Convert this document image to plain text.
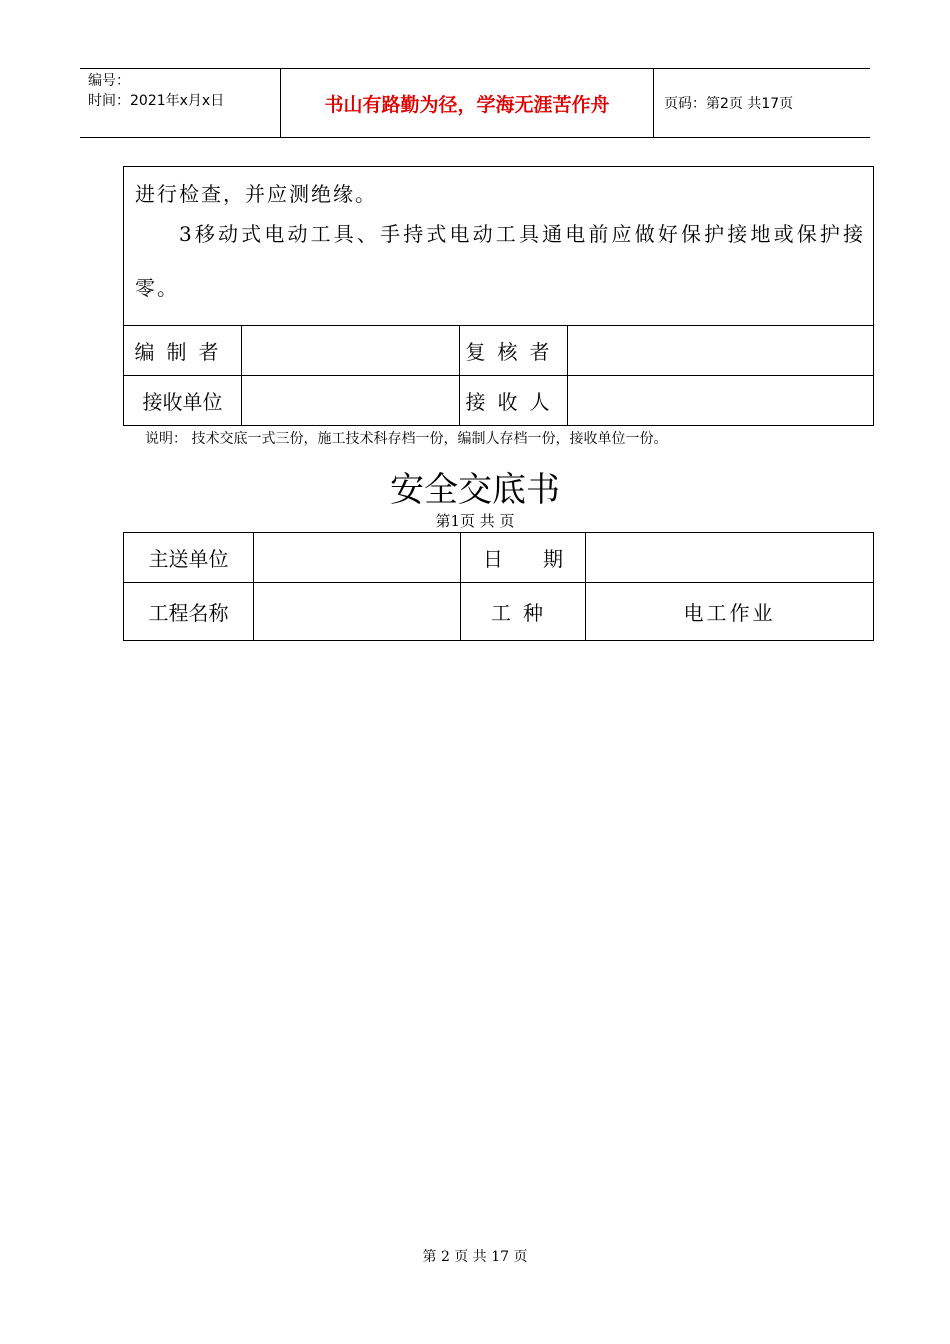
编号：
时间：2021年x月x日	书山有路勤为径，学海无涯苦作舟	页码：第2页 共17页
进行检查，并应测绝缘。
3移动式电动工具、手持式电动工具通电前应做好保护接地或保护接零。			

编制者		复核者	
接收单位		接收人	
说明： 技术交底一式三份，施工技术科存档一份，编制人存档一份，接收单位一份。
安全交底书
第1页 共 页
主送单位		日　　期	
工程名称		工种	电工作业
第 2 页 共 17 页
